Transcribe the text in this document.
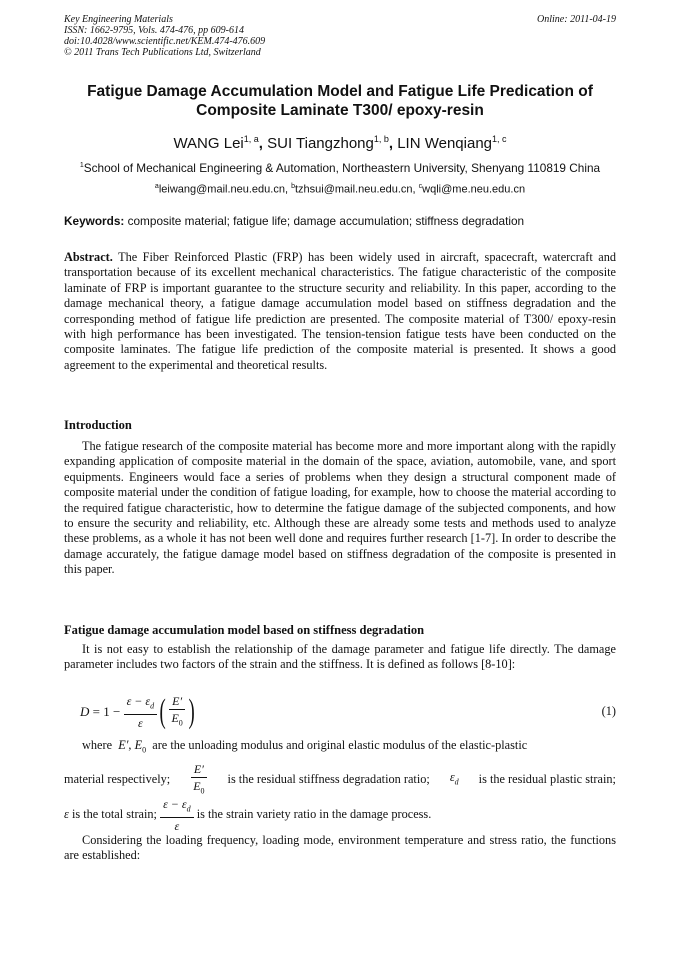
Key Engineering Materials
ISSN: 1662-9795, Vols. 474-476, pp 609-614
doi:10.4028/www.scientific.net/KEM.474-476.609
© 2011 Trans Tech Publications Ltd, Switzerland
Online: 2011-04-19
Fatigue Damage Accumulation Model and Fatigue Life Predication of
Composite Laminate T300/ epoxy-resin
WANG Lei$^{1, a}$, SUI Tiangzhong$^{1, b}$, LIN Wenqiang$^{1, c}$
$^1$School of Mechanical Engineering & Automation, Northeastern University, Shenyang 110819 China
$^a$leiwang@mail.neu.edu.cn, $^b$tzhsui@mail.neu.edu.cn, $^c$wqli@me.neu.edu.cn
Keywords: composite material; fatigue life; damage accumulation; stiffness degradation
Abstract. The Fiber Reinforced Plastic (FRP) has been widely used in aircraft, spacecraft, watercraft and transportation because of its excellent mechanical characteristics. The fatigue characteristic of the composite laminate of FRP is important guarantee to the structure security and reliability. In this paper, according to the damage mechanical theory, a fatigue damage accumulation model based on stiffness degradation and the corresponding method of fatigue life prediction are presented. The composite material of T300/ epoxy-resin with high performance has been investigated. The tension-tension fatigue tests have been conducted on the composite laminates. The fatigue life prediction of the composite material is presented. It shows a good agreement to the experimental and theoretical results.
Introduction
The fatigue research of the composite material has become more and more important along with the rapidly expanding application of composite material in the domain of the space, aviation, automobile, vane, and sport equipments. Engineers would face a series of problems when they design a structural component made of composite material under the condition of fatigue loading, for example, how to choose the material according to the required fatigue characteristic, how to determine the fatigue damage of the subjected components, and how to ensure the security and reliability, etc. Although these are already some tests and methods used to analyze these problems, as a whole it has not been well done and requires further research [1-7]. In order to describe the damage accurately, the fatigue damage model based on stiffness degradation of the composite is presented in this paper.
Fatigue damage accumulation model based on stiffness degradation
It is not easy to establish the relationship of the damage parameter and fatigue life directly. The damage parameter includes two factors of the strain and the stiffness. It is defined as follows [8-10]:
$D = 1 - \frac{\varepsilon - \varepsilon_d}{\varepsilon}$ ( $\frac{E'}{E_0}$ )	(1)
where E′, $E_0$ are the unloading modulus and original elastic modulus of the elastic-plastic
material respectively; $\frac{E'}{E_0}$ is the residual stiffness degradation ratio; $\varepsilon_d$ is the residual plastic strain;
ε
is the total strain;
$\frac{\varepsilon - \varepsilon_d}{\varepsilon}$
is the strain variety ratio in the damage process.
Considering the loading frequency, loading mode, environment temperature and stress ratio, the functions are established:
